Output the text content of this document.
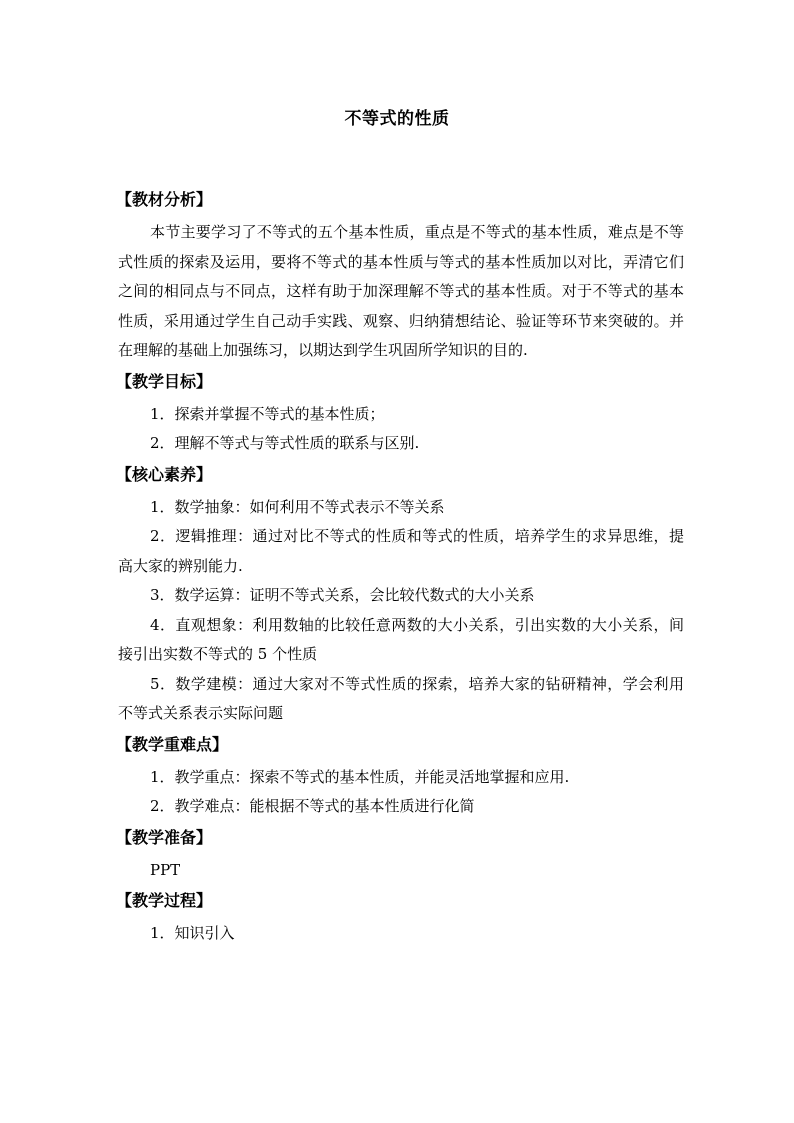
不等式的性质
【教材分析】

本节主要学习了不等式的五个基本性质，重点是不等式的基本性质，难点是不等式性质的探索及运用，要将不等式的基本性质与等式的基本性质加以对比，弄清它们之间的相同点与不同点，这样有助于加深理解不等式的基本性质。对于不等式的基本性质，采用通过学生自己动手实践、观察、归纳猜想结论、验证等环节来突破的。并在理解的基础上加强练习，以期达到学生巩固所学知识的目的.

【教学目标】

1．探索并掌握不等式的基本性质；

2．理解不等式与等式性质的联系与区别.

【核心素养】

1．数学抽象：如何利用不等式表示不等关系

2．逻辑推理：通过对比不等式的性质和等式的性质，培养学生的求异思维，提高大家的辨别能力.

3．数学运算：证明不等式关系，会比较代数式的大小关系

4．直观想象：利用数轴的比较任意两数的大小关系，引出实数的大小关系，间接引出实数不等式的 5 个性质

5．数学建模：通过大家对不等式性质的探索，培养大家的钻研精神，学会利用不等式关系表示实际问题

【教学重难点】

1．教学重点：探索不等式的基本性质，并能灵活地掌握和应用.

2．教学难点：能根据不等式的基本性质进行化简

【教学准备】

PPT

【教学过程】

1．知识引入
